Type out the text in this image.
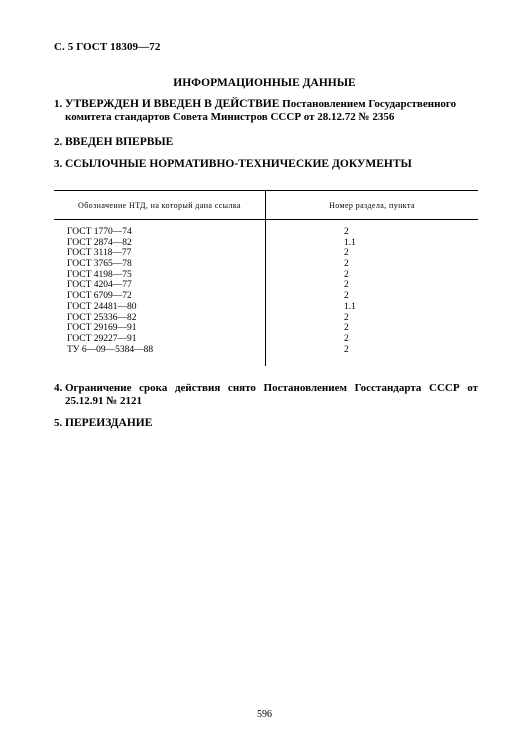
С. 5 ГОСТ 18309—72
ИНФОРМАЦИОННЫЕ ДАННЫЕ
1. УТВЕРЖДЕН И ВВЕДЕН В ДЕЙСТВИЕ Постановлением Государственного комитета стандартов Совета Министров СССР от 28.12.72 № 2356
2. ВВЕДЕН ВПЕРВЫЕ
3. ССЫЛОЧНЫЕ НОРМАТИВНО-ТЕХНИЧЕСКИЕ ДОКУМЕНТЫ
Обозначение НТД, на который дана ссылка	Номер раздела, пункта
ГОСТ 1770—74	2
ГОСТ 2874—82	1.1
ГОСТ 3118—77	2
ГОСТ 3765—78	2
ГОСТ 4198—75	2
ГОСТ 4204—77	2
ГОСТ 6709—72	2
ГОСТ 24481—80	1.1
ГОСТ 25336—82	2
ГОСТ 29169—91	2
ГОСТ 29227—91	2
ТУ 6—09—5384—88	2
4. Ограничение срока действия снято Постановлением Госстандарта СССР от 25.12.91 № 2121
5. ПЕРЕИЗДАНИЕ
596
